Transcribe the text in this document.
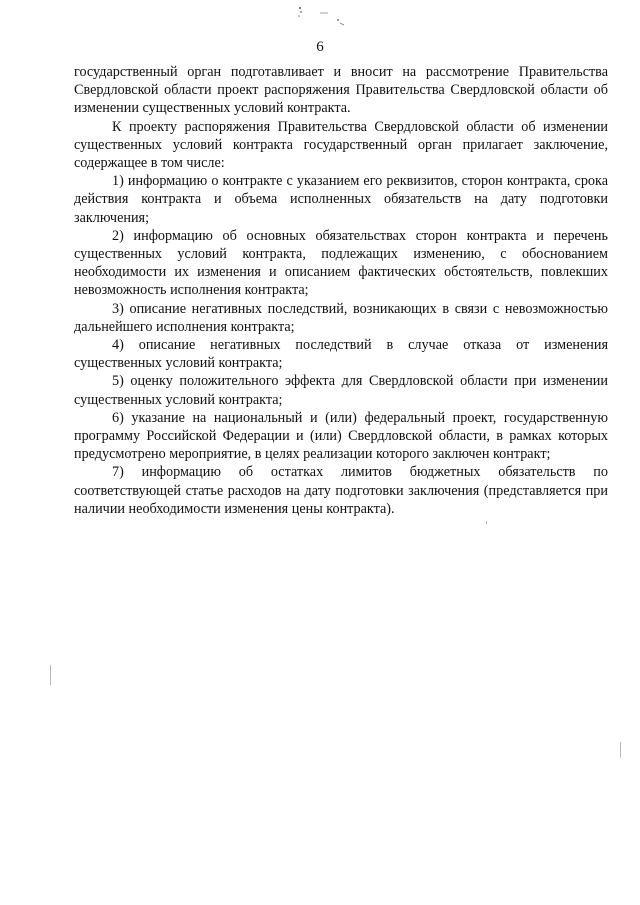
6

государственный орган подготавливает и вносит на рассмотрение Правительства Свердловской области проект распоряжения Правительства Свердловской области об изменении существенных условий контракта.

К проекту распоряжения Правительства Свердловской области об изменении существенных условий контракта государственный орган прилагает заключение, содержащее в том числе:

1) информацию о контракте с указанием его реквизитов, сторон контракта, срока действия контракта и объема исполненных обязательств на дату подготовки заключения;

2) информацию об основных обязательствах сторон контракта и перечень существенных условий контракта, подлежащих изменению, с обоснованием необходимости их изменения и описанием фактических обстоятельств, повлекших невозможность исполнения контракта;

3) описание негативных последствий, возникающих в связи с невозможностью дальнейшего исполнения контракта;

4) описание негативных последствий в случае отказа от изменения существенных условий контракта;

5) оценку положительного эффекта для Свердловской области при изменении существенных условий контракта;

6) указание на национальный и (или) федеральный проект, государственную программу Российской Федерации и (или) Свердловской области, в рамках которых предусмотрено мероприятие, в целях реализации которого заключен контракт;

7) информацию об остатках лимитов бюджетных обязательств по соответствующей статье расходов на дату подготовки заключения (представляется при наличии необходимости изменения цены контракта).
